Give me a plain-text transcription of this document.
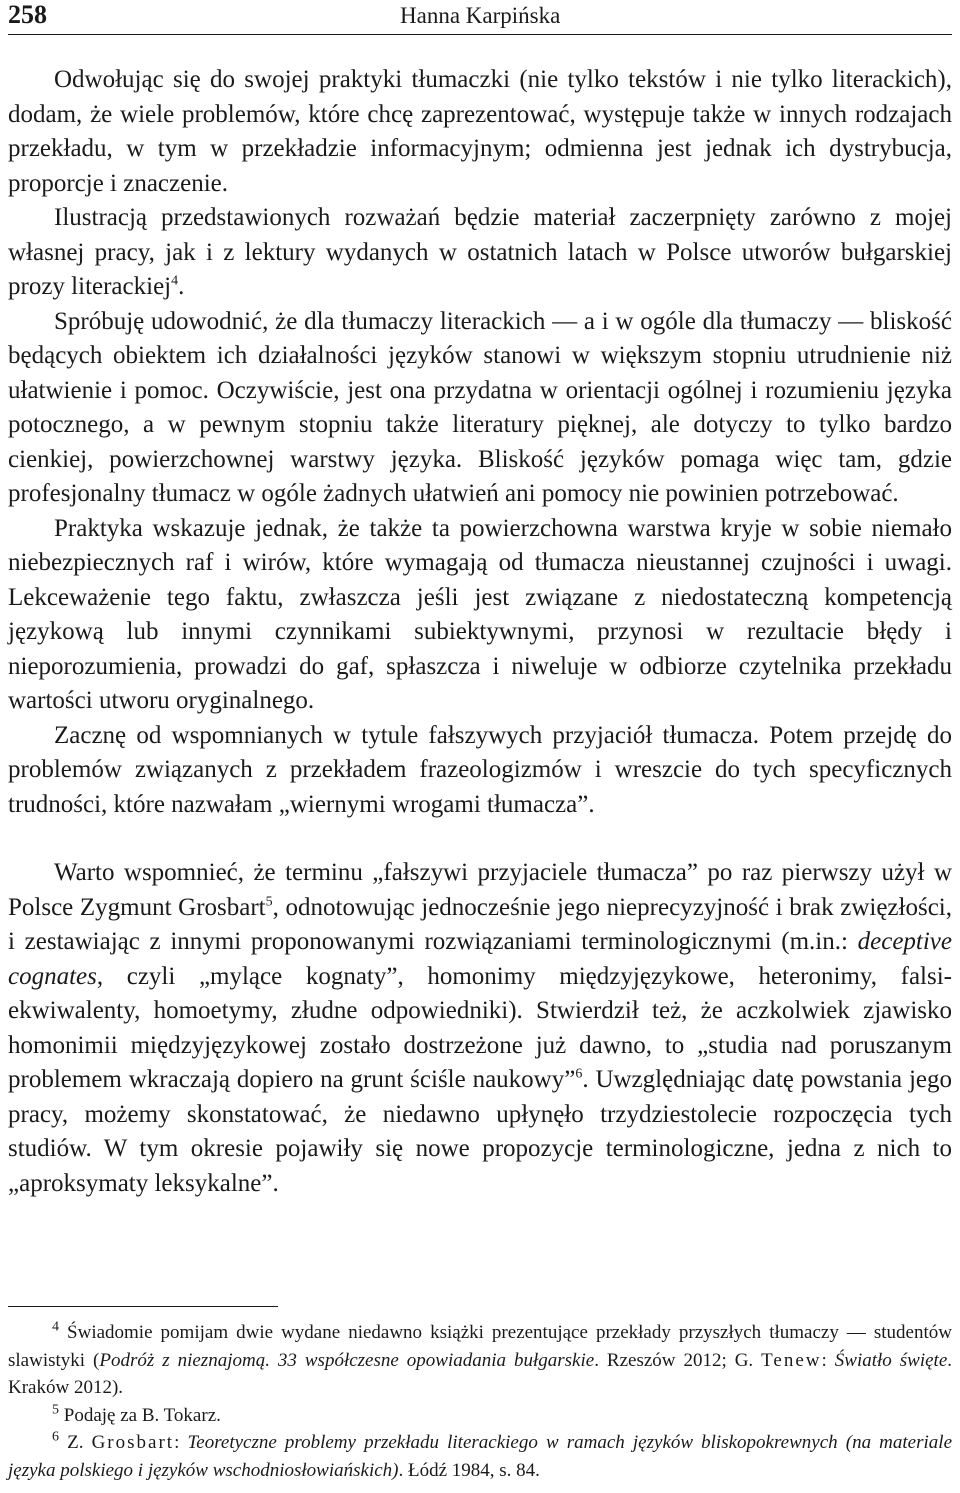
258	Hanna Karpińska

Odwołując się do swojej praktyki tłumaczki (nie tylko tekstów i nie tylko literackich), dodam, że wiele problemów, które chcę zaprezentować, występuje także w innych rodzajach przekładu, w tym w przekładzie informacyjnym; odmienna jest jednak ich dystrybucja, proporcje i znaczenie.

Ilustracją przedstawionych rozważań będzie materiał zaczerpnięty zarówno z mojej własnej pracy, jak i z lektury wydanych w ostatnich latach w Polsce utworów bułgarskiej prozy literackiej$^4$.

Spróbuję udowodnić, że dla tłumaczy literackich — a i w ogóle dla tłumaczy — bliskość będących obiektem ich działalności języków stanowi w większym stopniu utrudnienie niż ułatwienie i pomoc. Oczywiście, jest ona przydatna w orientacji ogólnej i rozumieniu języka potocznego, a w pewnym stopniu także literatury pięknej, ale dotyczy to tylko bardzo cienkiej, powierzchownej warstwy języka. Bliskość języków pomaga więc tam, gdzie profesjonalny tłumacz w ogóle żadnych ułatwień ani pomocy nie powinien potrzebować.

Praktyka wskazuje jednak, że także ta powierzchowna warstwa kryje w sobie niemało niebezpiecznych raf i wirów, które wymagają od tłumacza nieustannej czujności i uwagi. Lekceważenie tego faktu, zwłaszcza jeśli jest związane z niedostateczną kompetencją językową lub innymi czynnikami subiektywnymi, przynosi w rezultacie błędy i nieporozumienia, prowadzi do gaf, spłaszcza i niweluje w odbiorze czytelnika przekładu wartości utworu oryginalnego.

Zacznę od wspomnianych w tytule fałszywych przyjaciół tłumacza. Potem przejdę do problemów związanych z przekładem frazeologizmów i wreszcie do tych specyficznych trudności, które nazwałam „wiernymi wrogami tłumacza”.

Warto wspomnieć, że terminu „fałszywi przyjaciele tłumacza” po raz pierwszy użył w Polsce Zygmunt Grosbart$^5$, odnotowując jednocześnie jego nieprecyzyjność i brak zwięzłości, i zestawiając z innymi proponowanymi rozwiązaniami terminologicznymi (m.in.: deceptive cognates, czyli „mylące kognaty”, homonimy międzyjęzykowe, heteronimy, falsi-ekwiwalenty, homoetymy, złudne odpowiedniki). Stwierdził też, że aczkolwiek zjawisko homonimii międzyjęzykowej zostało dostrzeżone już dawno, to „studia nad poruszanym problemem wkraczają dopiero na grunt ściśle naukowy”$^6$. Uwzględniając datę powstania jego pracy, możemy skonstatować, że niedawno upłynęło trzydziestolecie rozpoczęcia tych studiów. W tym okresie pojawiły się nowe propozycje terminologiczne, jedna z nich to „aproksymaty leksykalne”.

$^4$ Świadomie pomijam dwie wydane niedawno książki prezentujące przekłady przyszłych tłumaczy — studentów slawistyki (Podróż z nieznajomą. 33 współczesne opowiadania bułgarskie. Rzeszów 2012; G. Tenew: Światło święte. Kraków 2012).

$^5$ Podaję za B. Tokarz.

$^6$ Z. Grosbart: Teoretyczne problemy przekładu literackiego w ramach języków bliskopokrewnych (na materiale języka polskiego i języków wschodniosłowiańskich). Łódź 1984, s. 84.
